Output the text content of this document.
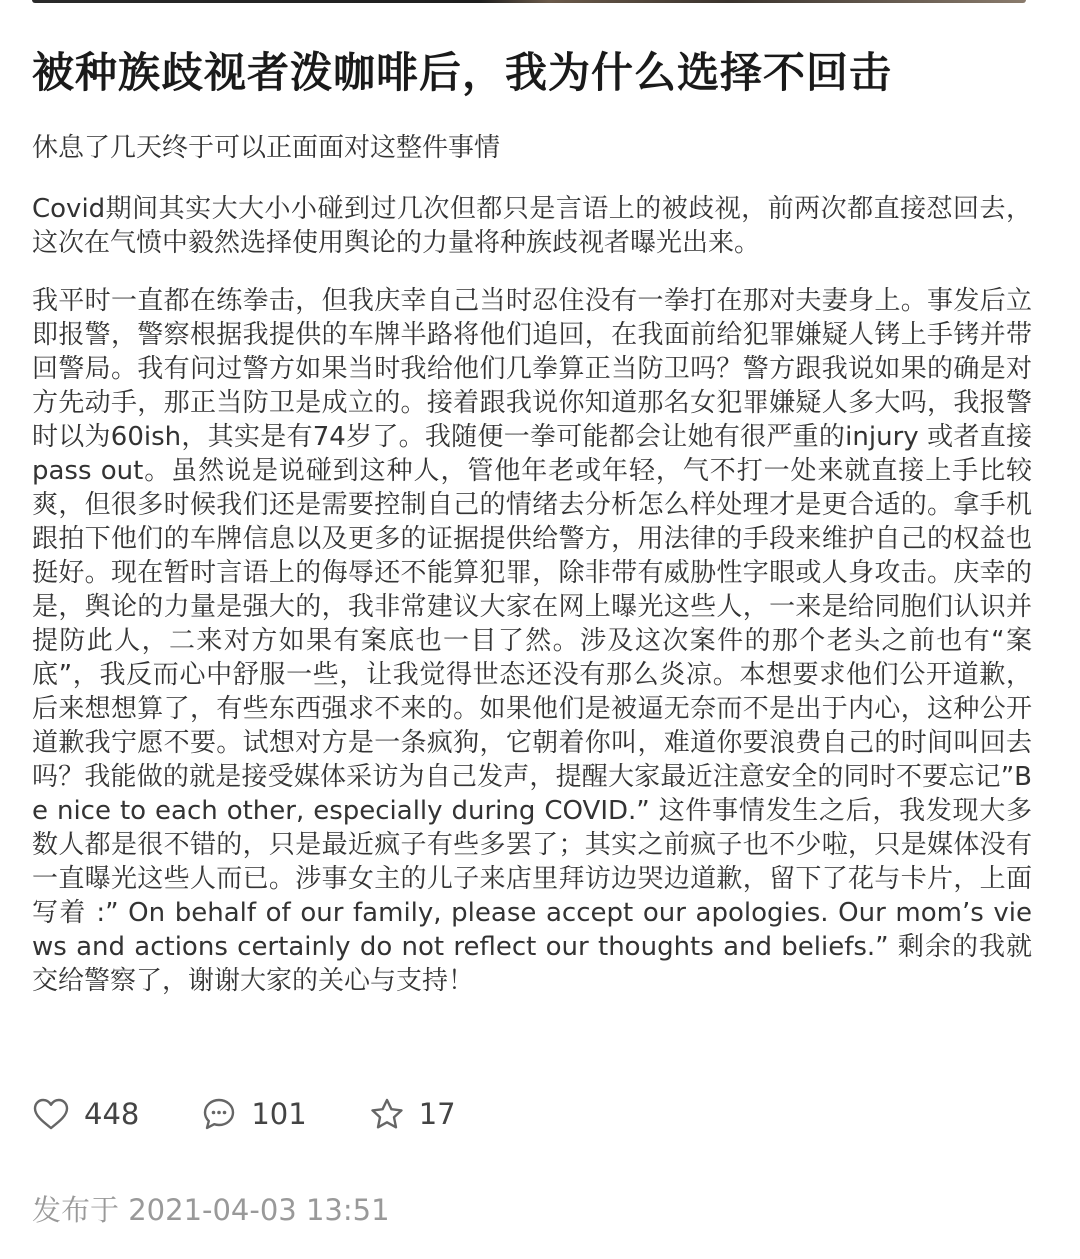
被种族歧视者泼咖啡后，我为什么选择不回击

休息了几天终于可以正面面对这整件事情

Covid期间其实大大小小碰到过几次但都只是言语上的被歧视，前两次都直接怼回去，这次在气愤中毅然选择使用舆论的力量将种族歧视者曝光出来。

我平时一直都在练拳击，但我庆幸自己当时忍住没有一拳打在那对夫妻身上。事发后立即报警，警察根据我提供的车牌半路将他们追回，在我面前给犯罪嫌疑人铐上手铐并带回警局。我有问过警方如果当时我给他们几拳算正当防卫吗？警方跟我说如果的确是对方先动手，那正当防卫是成立的。接着跟我说你知道那名女犯罪嫌疑人多大吗，我报警时以为60ish，其实是有74岁了。我随便一拳可能都会让她有很严重的injury 或者直接pass out。虽然说是说碰到这种人，管他年老或年轻，气不打一处来就直接上手比较爽，但很多时候我们还是需要控制自己的情绪去分析怎么样处理才是更合适的。拿手机跟拍下他们的车牌信息以及更多的证据提供给警方，用法律的手段来维护自己的权益也挺好。现在暂时言语上的侮辱还不能算犯罪，除非带有威胁性字眼或人身攻击。庆幸的是，舆论的力量是强大的，我非常建议大家在网上曝光这些人，一来是给同胞们认识并提防此人，二来对方如果有案底也一目了然。涉及这次案件的那个老头之前也有“案底”，我反而心中舒服一些，让我觉得世态还没有那么炎凉。本想要求他们公开道歉，后来想想算了，有些东西强求不来的。如果他们是被逼无奈而不是出于内心，这种公开道歉我宁愿不要。试想对方是一条疯狗，它朝着你叫，难道你要浪费自己的时间叫回去吗？我能做的就是接受媒体采访为自己发声，提醒大家最近注意安全的同时不要忘记”Be nice to each other, especially during COVID.” 这件事情发生之后，我发现大多数人都是很不错的，只是最近疯子有些多罢了；其实之前疯子也不少啦，只是媒体没有一直曝光这些人而已。涉事女主的儿子来店里拜访边哭边道歉，留下了花与卡片，上面写着 :” On behalf of our family, please accept our apologies. Our mom’s views and actions certainly do not reflect our thoughts and beliefs.” 剩余的我就交给警察了，谢谢大家的关心与支持！

448	101	17
发布于 2021-04-03 13:51
